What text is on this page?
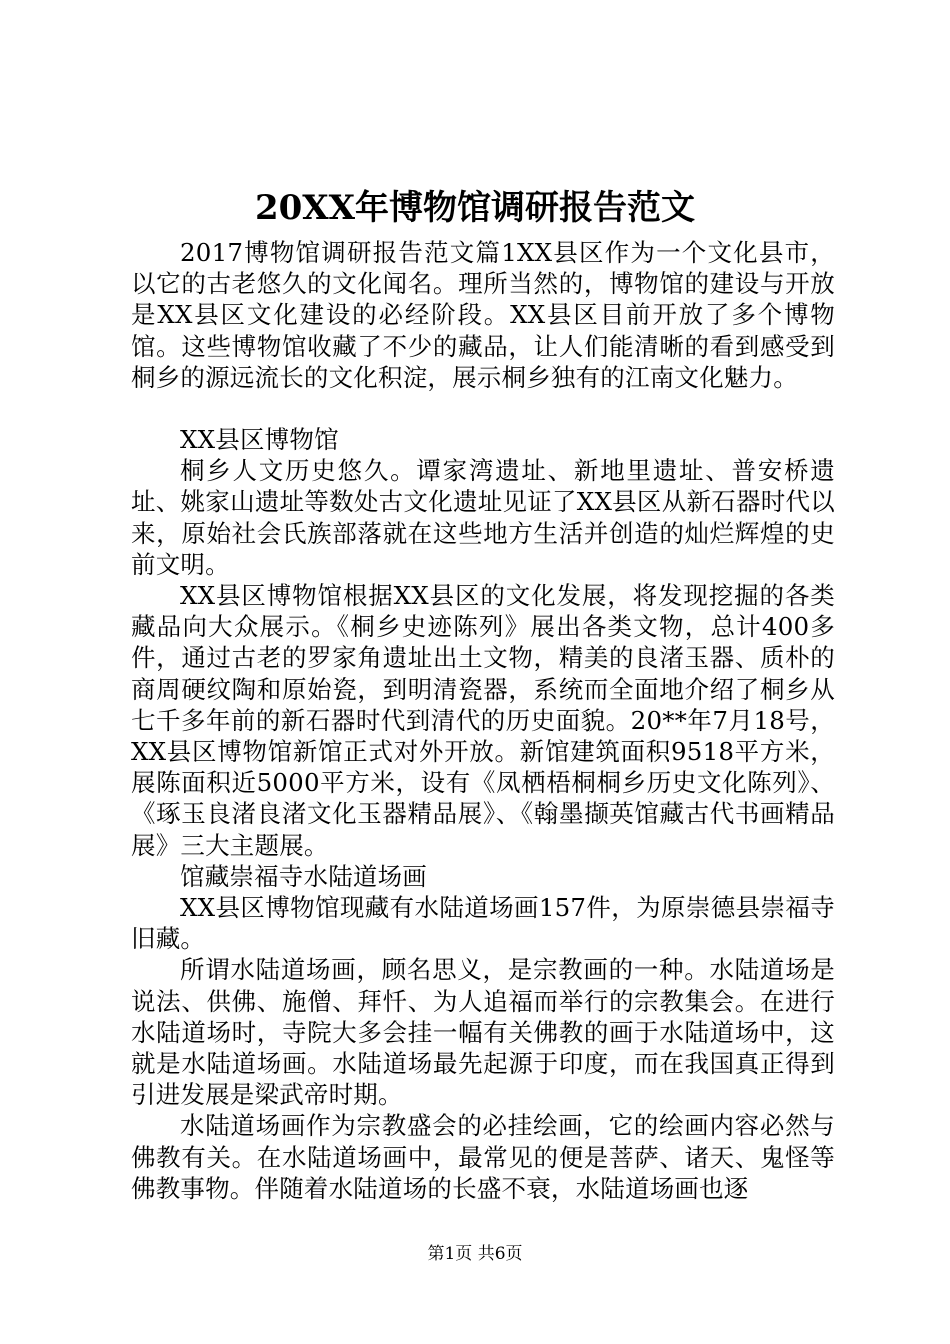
20XX年博物馆调研报告范文

2017博物馆调研报告范文篇1XX县区作为一个文化县市，以它的古老悠久的文化闻名。理所当然的，博物馆的建设与开放是XX县区文化建设的必经阶段。XX县区目前开放了多个博物馆。这些博物馆收藏了不少的藏品，让人们能清晰的看到感受到桐乡的源远流长的文化积淀，展示桐乡独有的江南文化魅力。

XX县区博物馆

桐乡人文历史悠久。谭家湾遗址、新地里遗址、普安桥遗址、姚家山遗址等数处古文化遗址见证了XX县区从新石器时代以来，原始社会氏族部落就在这些地方生活并创造的灿烂辉煌的史前文明。

XX县区博物馆根据XX县区的文化发展，将发现挖掘的各类藏品向大众展示。《桐乡史迹陈列》展出各类文物，总计400多件，通过古老的罗家角遗址出土文物，精美的良渚玉器、质朴的商周硬纹陶和原始瓷，到明清瓷器，系统而全面地介绍了桐乡从七千多年前的新石器时代到清代的历史面貌。20**年7月18号，XX县区博物馆新馆正式对外开放。新馆建筑面积9518平方米，展陈面积近5000平方米，设有《凤栖梧桐桐乡历史文化陈列》、《琢玉良渚良渚文化玉器精品展》、《翰墨撷英馆藏古代书画精品展》三大主题展。

馆藏崇福寺水陆道场画

XX县区博物馆现藏有水陆道场画157件，为原崇德县崇福寺旧藏。

所谓水陆道场画，顾名思义，是宗教画的一种。水陆道场是说法、供佛、施僧、拜忏、为人追福而举行的宗教集会。在进行水陆道场时，寺院大多会挂一幅有关佛教的画于水陆道场中，这就是水陆道场画。水陆道场最先起源于印度，而在我国真正得到引进发展是梁武帝时期。

水陆道场画作为宗教盛会的必挂绘画，它的绘画内容必然与佛教有关。在水陆道场画中，最常见的便是菩萨、诸天、鬼怪等佛教事物。伴随着水陆道场的长盛不衰，水陆道场画也逐

第1页 共6页
